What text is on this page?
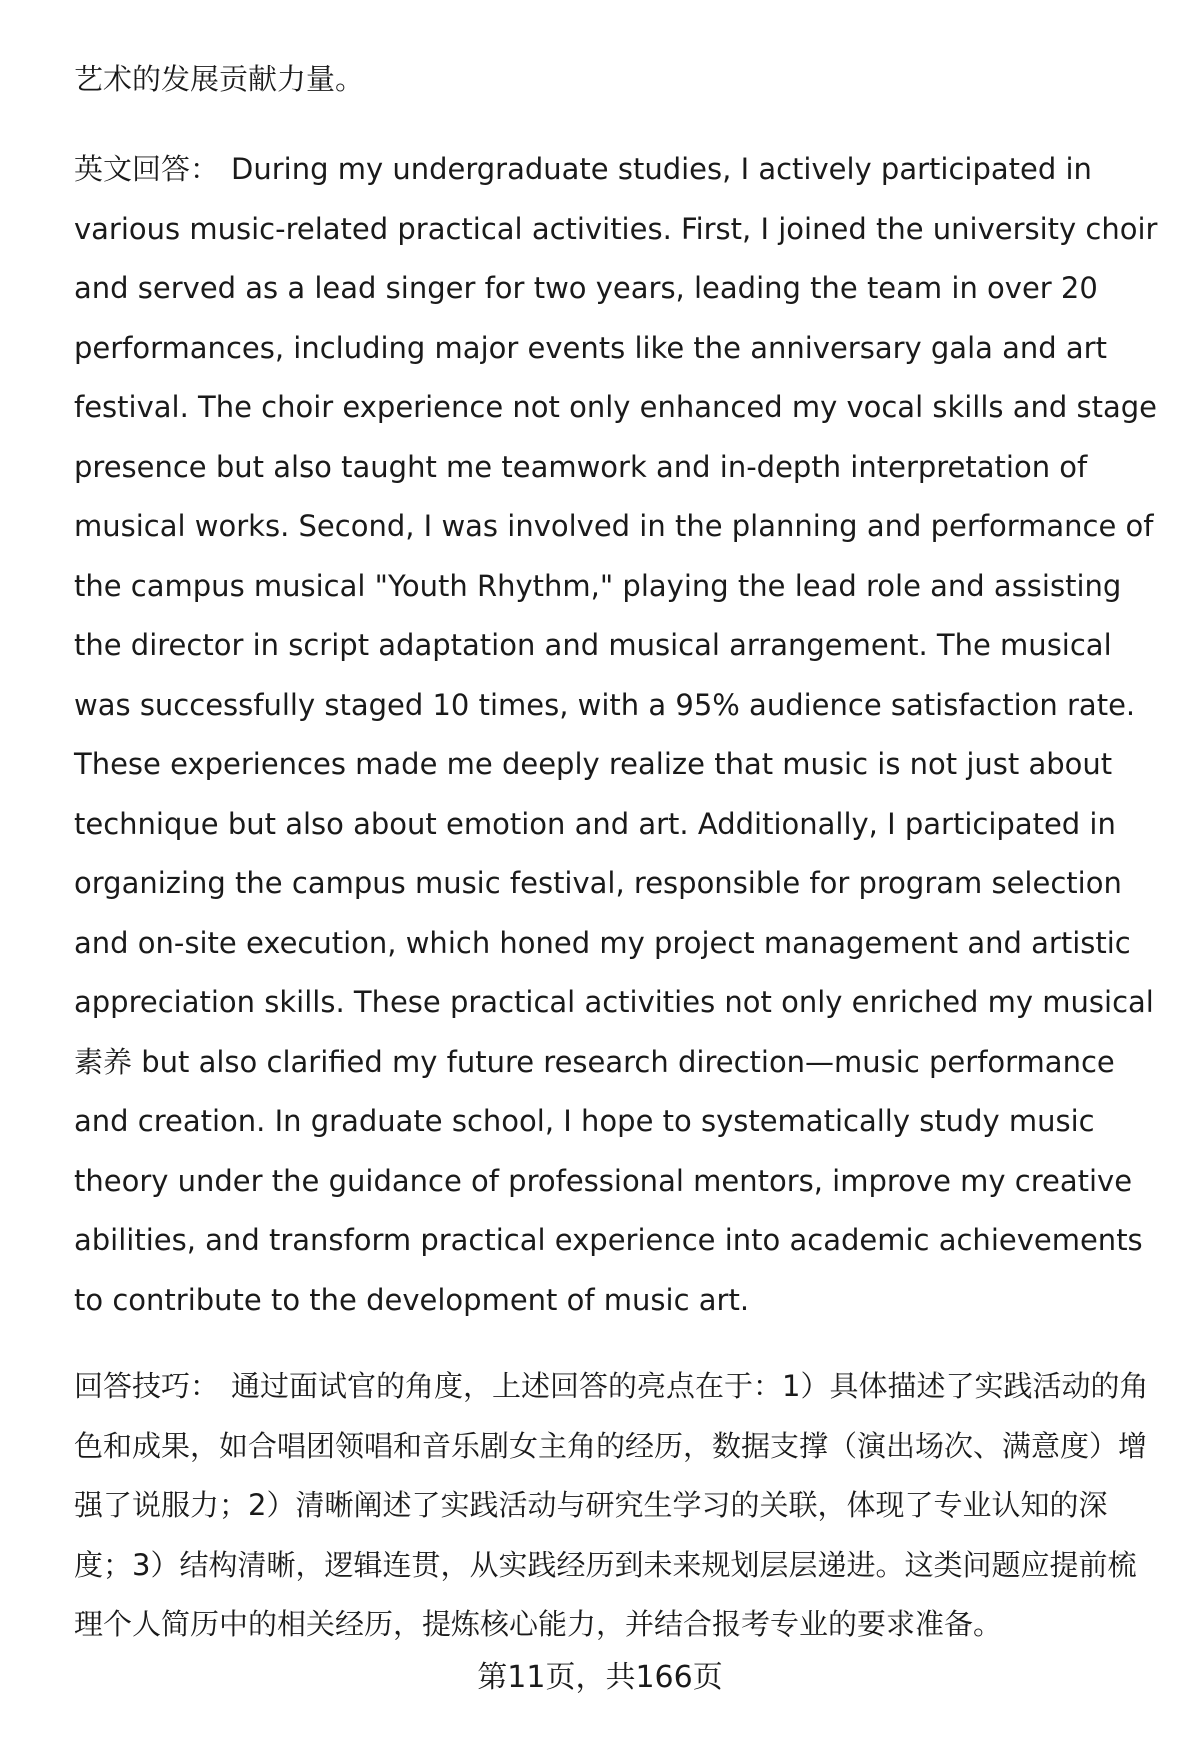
艺术的发展贡献力量。
英文回答： During my undergraduate studies, I actively participated in various music-related practical activities. First, I joined the university choir and served as a lead singer for two years, leading the team in over 20 performances, including major events like the anniversary gala and art festival. The choir experience not only enhanced my vocal skills and stage presence but also taught me teamwork and in-depth interpretation of musical works. Second, I was involved in the planning and performance of the campus musical "Youth Rhythm," playing the lead role and assisting the director in script adaptation and musical arrangement. The musical was successfully staged 10 times, with a 95% audience satisfaction rate. These experiences made me deeply realize that music is not just about technique but also about emotion and art. Additionally, I participated in organizing the campus music festival, responsible for program selection and on-site execution, which honed my project management and artistic appreciation skills. These practical activities not only enriched my musical素养 but also clarified my future research direction—music performance and creation. In graduate school, I hope to systematically study music theory under the guidance of professional mentors, improve my creative abilities, and transform practical experience into academic achievements to contribute to the development of music art.
回答技巧： 通过面试官的角度，上述回答的亮点在于：1）具体描述了实践活动的角色和成果，如合唱团领唱和音乐剧女主角的经历，数据支撑（演出场次、满意度）增强了说服力；2）清晰阐述了实践活动与研究生学习的关联，体现了专业认知的深度；3）结构清晰，逻辑连贯，从实践经历到未来规划层层递进。这类问题应提前梳理个人简历中的相关经历，提炼核心能力，并结合报考专业的要求准备。
第11页，共166页
